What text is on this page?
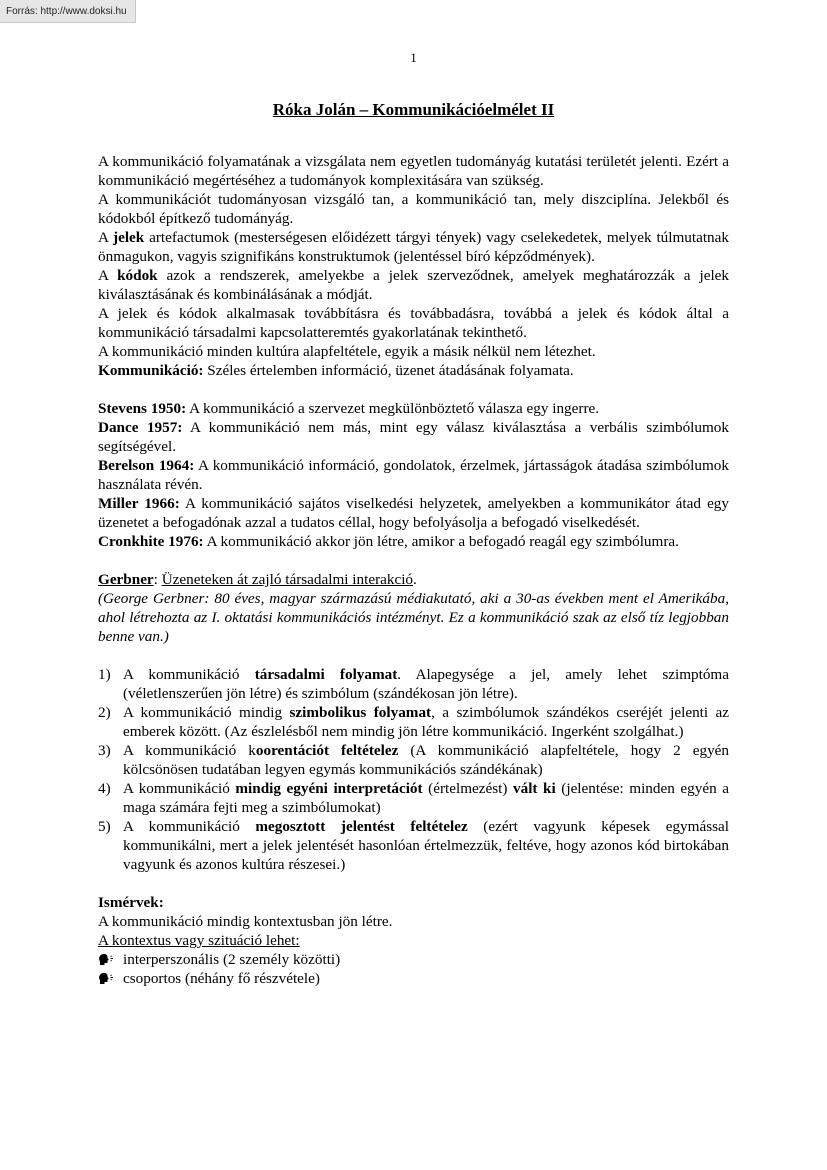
Forrás: http://www.doksi.hu
1
Róka Jolán – Kommunikációelmélet II

A kommunikáció folyamatának a vizsgálata nem egyetlen tudományág kutatási területét jelenti. Ezért a kommunikáció megértéséhez a tudományok komplexitására van szükség.

A kommunikációt tudományosan vizsgáló tan, a kommunikáció tan, mely diszciplína. Jelekből és kódokból építkező tudományág.

A jelek artefactumok (mesterségesen előidézett tárgyi tények) vagy cselekedetek, melyek túlmutatnak önmagukon, vagyis szignifikáns konstruktumok (jelentéssel bíró képződmények).

A kódok azok a rendszerek, amelyekbe a jelek szerveződnek, amelyek meghatározzák a jelek kiválasztásának és kombinálásának a módját.

A jelek és kódok alkalmasak továbbításra és továbbadásra, továbbá a jelek és kódok által a kommunikáció társadalmi kapcsolatteremtés gyakorlatának tekinthető.

A kommunikáció minden kultúra alapfeltétele, egyik a másik nélkül nem létezhet.

Kommunikáció: Széles értelemben információ, üzenet átadásának folyamata.

Stevens 1950: A kommunikáció a szervezet megkülönböztető válasza egy ingerre.

Dance 1957: A kommunikáció nem más, mint egy válasz kiválasztása a verbális szimbólumok segítségével.

Berelson 1964: A kommunikáció információ, gondolatok, érzelmek, jártasságok átadása szimbólumok használata révén.

Miller 1966: A kommunikáció sajátos viselkedési helyzetek, amelyekben a kommunikátor átad egy üzenetet a befogadónak azzal a tudatos céllal, hogy befolyásolja a befogadó viselkedését.

Cronkhite 1976: A kommunikáció akkor jön létre, amikor a befogadó reagál egy szimbólumra.

Gerbner: Üzeneteken át zajló társadalmi interakció.

(George Gerbner: 80 éves, magyar származású médiakutató, aki a 30-as években ment el Amerikába, ahol létrehozta az I. oktatási kommunikációs intézményt. Ez a kommunikáció szak az első tíz legjobban benne van.)

1) A kommunikáció társadalmi folyamat. Alapegysége a jel, amely lehet szimptóma (véletlenszerűen jön létre) és szimbólum (szándékosan jön létre).
2) A kommunikáció mindig szimbolikus folyamat, a szimbólumok szándékos cseréjét jelenti az emberek között. (Az észlelésből nem mindig jön létre kommunikáció. Ingerként szolgálhat.)
3) A kommunikáció koorentációt feltételez (A kommunikáció alapfeltétele, hogy 2 egyén kölcsönösen tudatában legyen egymás kommunikációs szándékának)
4) A kommunikáció mindig egyéni interpretációt (értelmezést) vált ki (jelentése: minden egyén a maga számára fejti meg a szimbólumokat)
5) A kommunikáció megosztott jelentést feltételez (ezért vagyunk képesek egymással kommunikálni, mert a jelek jelentését hasonlóan értelmezzük, feltéve, hogy azonos kód birtokában vagyunk és azonos kultúra részesei.)

Ismérvek:

A kommunikáció mindig kontextusban jön létre.

A kontextus vagy szituáció lehet:

interperszonális (2 személy közötti)
csoportos (néhány fő részvétele)
